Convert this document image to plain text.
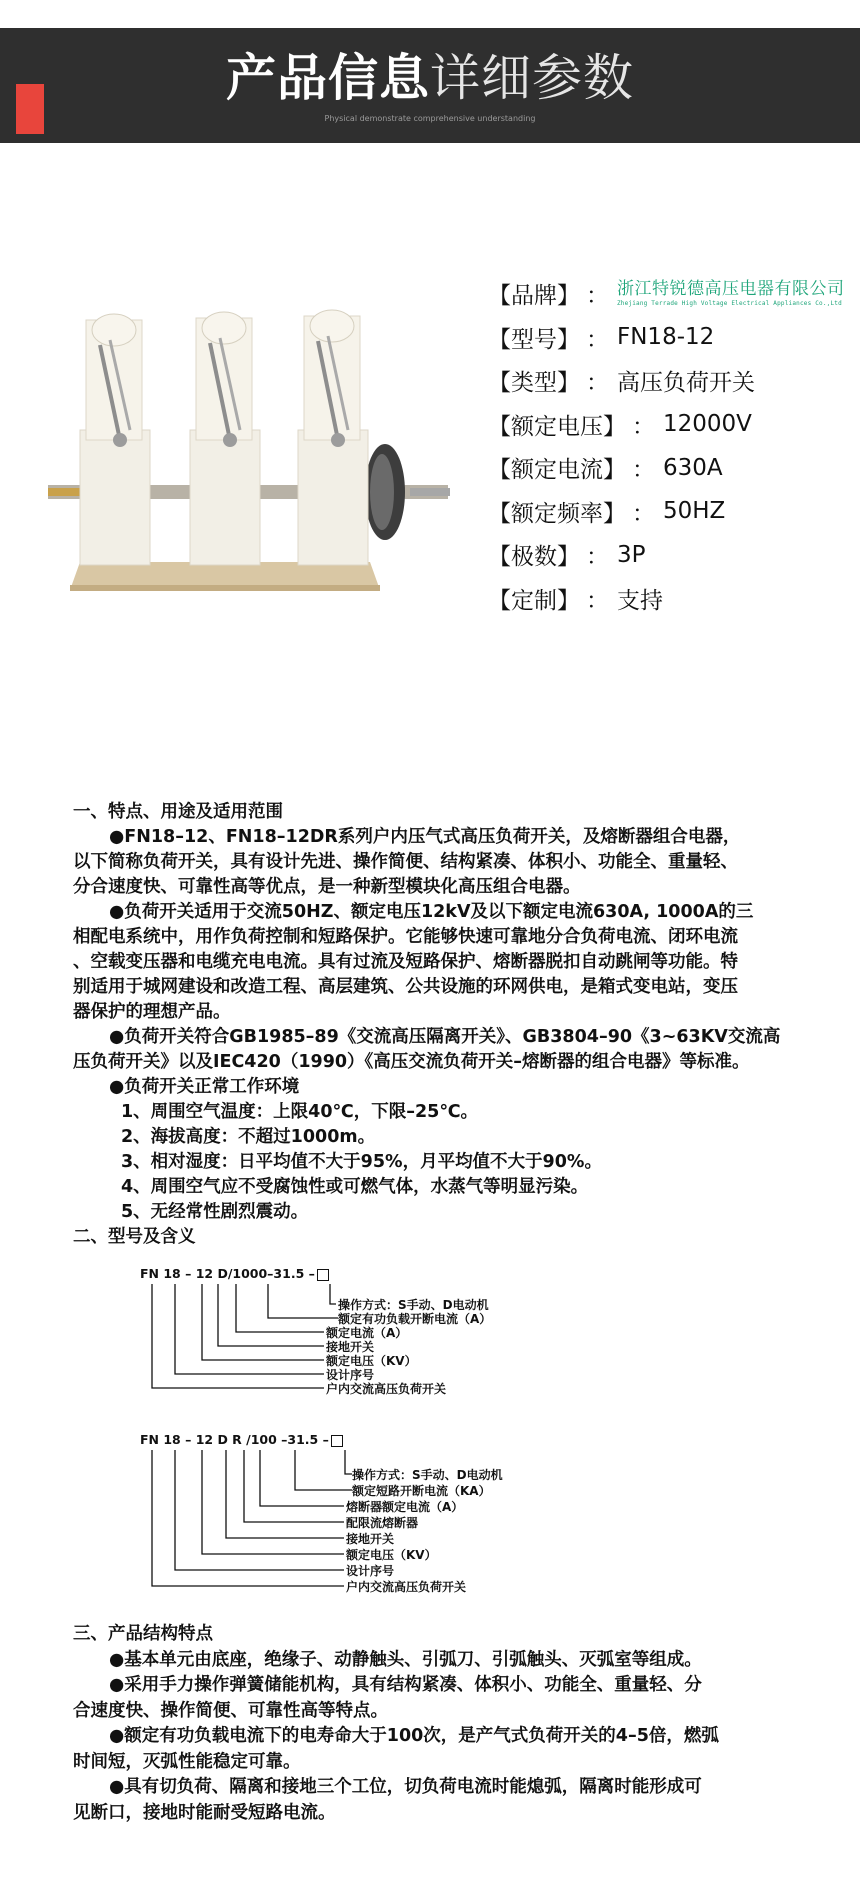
产品信息详细参数
Physical demonstrate comprehensive understanding
【品牌】 ： 浙江特锐德高压电器有限公司
Zhejiang Terrade High Voltage Electrical Appliances Co.,Ltd
【型号】 ： FN18-12
【类型】 ： 高压负荷开关
【额定电压】 ： 12000V
【额定电流】 ： 630A
【额定频率】 ： 50HZ
【极数】 ： 3P
【定制】 ： 支持

一、特点、用途及适用范围

●FN18–12、FN18–12DR系列户内压气式高压负荷开关，及熔断器组合电器，

以下简称负荷开关，具有设计先进、操作简便、结构紧凑、体积小、功能全、重量轻、

分合速度快、可靠性高等优点，是一种新型模块化高压组合电器。

●负荷开关适用于交流50HZ、额定电压12kV及以下额定电流630A, 1000A的三

相配电系统中，用作负荷控制和短路保护。它能够快速可靠地分合负荷电流、闭环电流

、空载变压器和电缆充电电流。具有过流及短路保护、熔断器脱扣自动跳闸等功能。特

别适用于城网建设和改造工程、高层建筑、公共设施的环网供电，是箱式变电站，变压

器保护的理想产品。

●负荷开关符合GB1985–89《交流高压隔离开关》、GB3804–90《3~63KV交流高

压负荷开关》以及IEC420（1990）《高压交流负荷开关–熔断器的组合电器》等标准。

●负荷开关正常工作环境

1、周围空气温度：上限40℃，下限–25℃。

2、海拔高度：不超过1000m。

3、相对湿度：日平均值不大于95%，月平均值不大于90%。

4、周围空气应不受腐蚀性或可燃气体，水蒸气等明显污染。

5、无经常性剧烈震动。

二、型号及含义

FN 18 – 12 D/1000–31.5 –
操作方式：S手动、D电动机
额定有功负载开断电流（A）
额定电流（A）
接地开关
额定电压（KV）
设计序号
户内交流高压负荷开关
FN 18 – 12 D R /100 –31.5 –
操作方式：S手动、D电动机
额定短路开断电流（KA）
熔断器额定电流（A）
配限流熔断器
接地开关
额定电压（KV）
设计序号
户内交流高压负荷开关

三、产品结构特点

●基本单元由底座，绝缘子、动静触头、引弧刀、引弧触头、灭弧室等组成。

●采用手力操作弹簧储能机构，具有结构紧凑、体积小、功能全、重量轻、分

合速度快、操作简便、可靠性高等特点。

●额定有功负载电流下的电寿命大于100次，是产气式负荷开关的4–5倍，燃弧

时间短，灭弧性能稳定可靠。

●具有切负荷、隔离和接地三个工位，切负荷电流时能熄弧，隔离时能形成可

见断口，接地时能耐受短路电流。
